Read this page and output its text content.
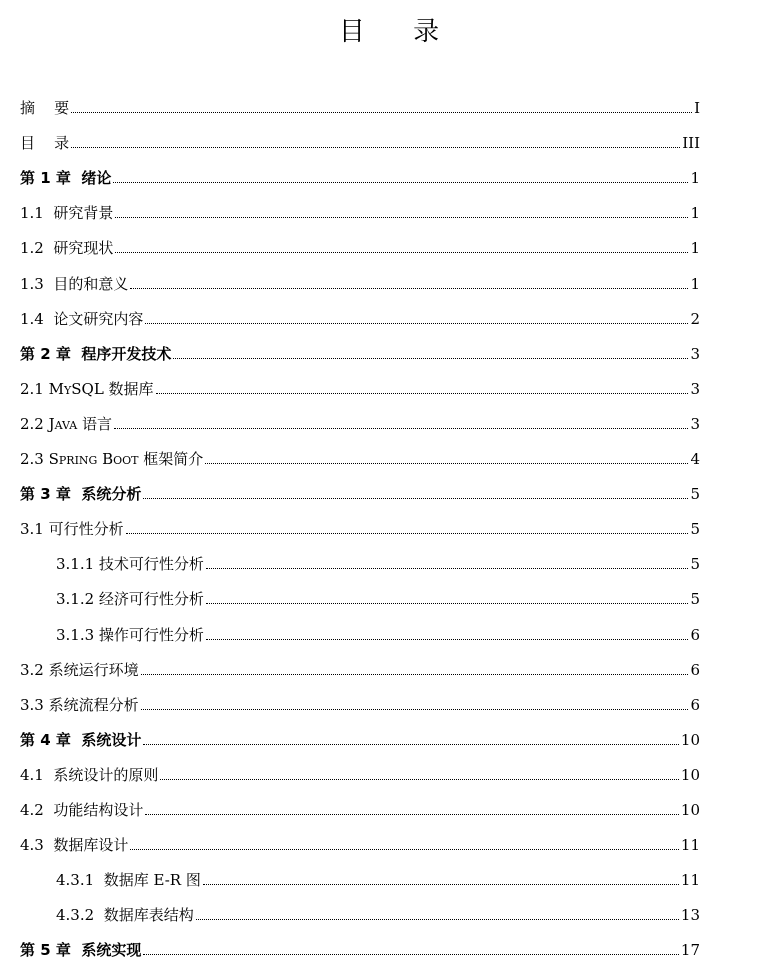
目 录
摘    要	I
目    录	III
第 1 章  绪论	1
1.1  研究背景	1
1.2  研究现状	1
1.3  目的和意义	1
1.4  论文研究内容	2
第 2 章  程序开发技术	3
2.1 MySQL 数据库	3
2.2 Java 语言	3
2.3 Spring Boot 框架简介	4
第 3 章  系统分析	5
3.1 可行性分析	5
3.1.1 技术可行性分析	5
3.1.2 经济可行性分析	5
3.1.3 操作可行性分析	6
3.2 系统运行环境	6
3.3 系统流程分析	6
第 4 章  系统设计	10
4.1  系统设计的原则	10
4.2  功能结构设计	10
4.3  数据库设计	11
4.3.1  数据库 E-R 图	11
4.3.2  数据库表结构	13
第 5 章  系统实现	17
